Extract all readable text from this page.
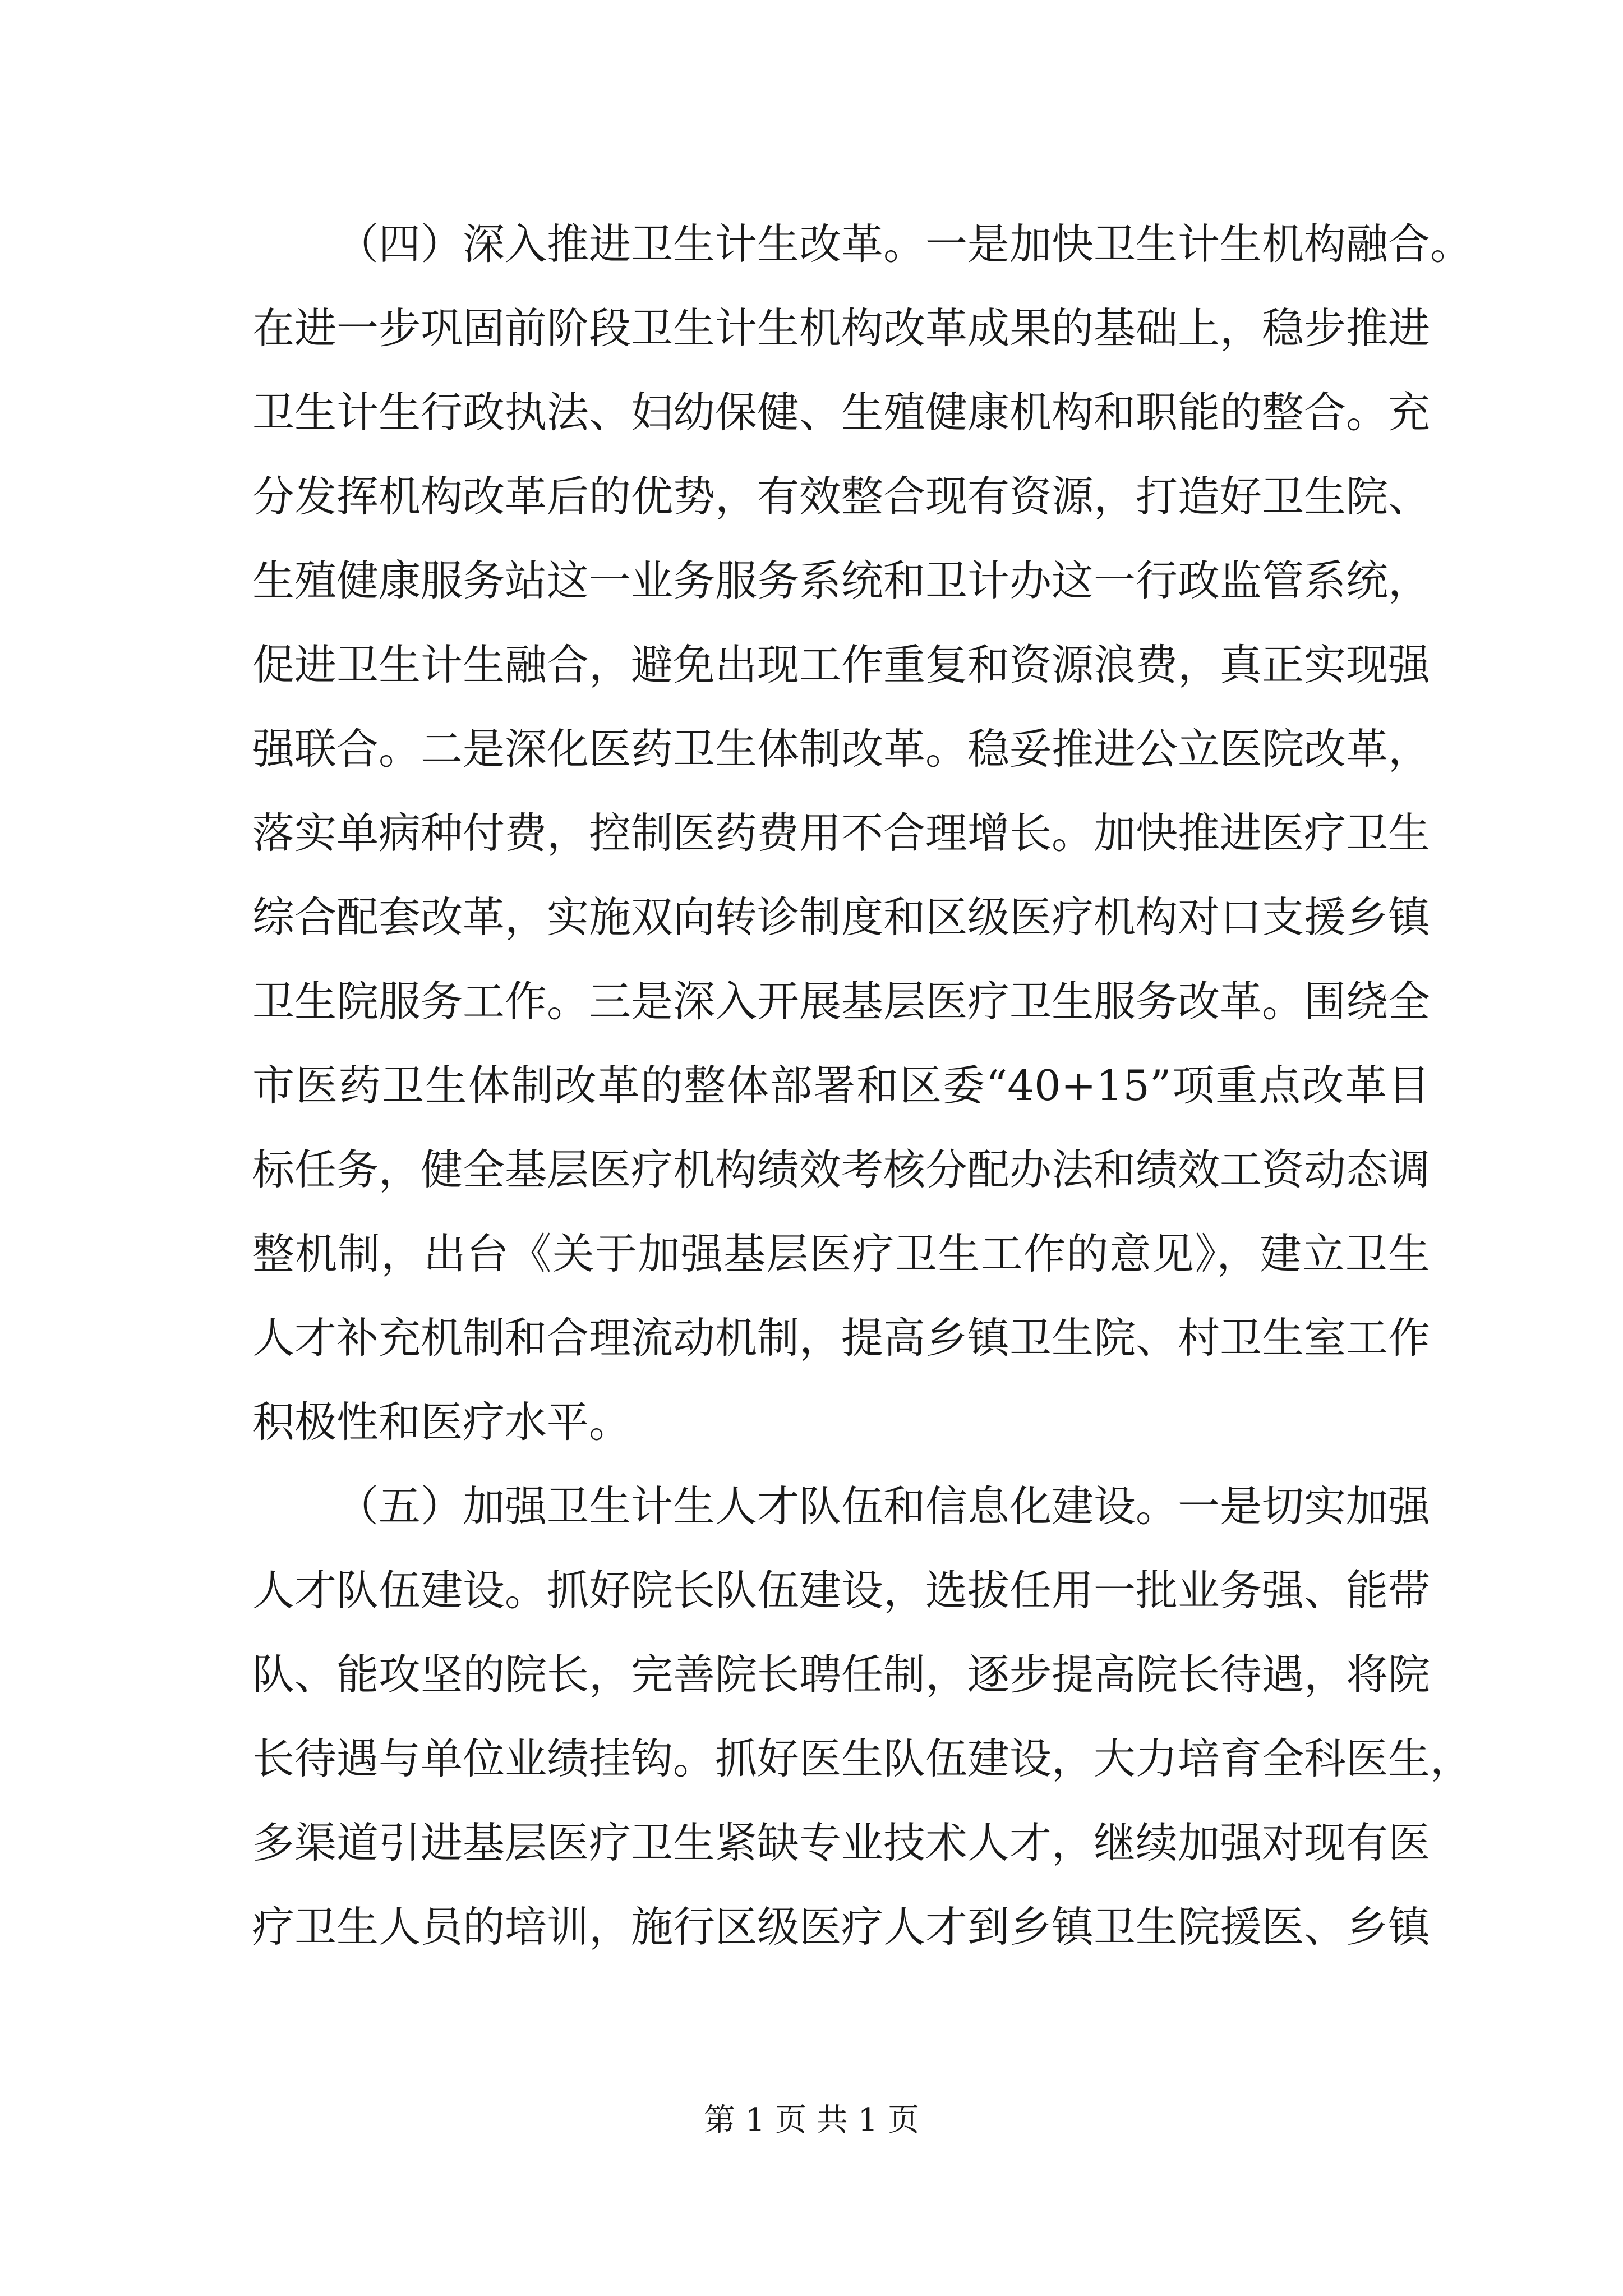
（四）深入推进卫生计生改革。一是加快卫生计生机构融合。
在进一步巩固前阶段卫生计生机构改革成果的基础上，稳步推进
卫生计生行政执法、妇幼保健、生殖健康机构和职能的整合。充
分发挥机构改革后的优势，有效整合现有资源，打造好卫生院、
生殖健康服务站这一业务服务系统和卫计办这一行政监管系统，
促进卫生计生融合，避免出现工作重复和资源浪费，真正实现强
强联合。二是深化医药卫生体制改革。稳妥推进公立医院改革，
落实单病种付费，控制医药费用不合理增长。加快推进医疗卫生
综合配套改革，实施双向转诊制度和区级医疗机构对口支援乡镇
卫生院服务工作。三是深入开展基层医疗卫生服务改革。围绕全
市医药卫生体制改革的整体部署和区委“40+15”项重点改革目
标任务，健全基层医疗机构绩效考核分配办法和绩效工资动态调
整机制，出台《关于加强基层医疗卫生工作的意见》，建立卫生
人才补充机制和合理流动机制，提高乡镇卫生院、村卫生室工作
积极性和医疗水平。
（五）加强卫生计生人才队伍和信息化建设。一是切实加强
人才队伍建设。抓好院长队伍建设，选拔任用一批业务强、能带
队、能攻坚的院长，完善院长聘任制，逐步提高院长待遇，将院
长待遇与单位业绩挂钩。抓好医生队伍建设，大力培育全科医生，
多渠道引进基层医疗卫生紧缺专业技术人才，继续加强对现有医
疗卫生人员的培训，施行区级医疗人才到乡镇卫生院援医、乡镇
第 1 页 共 1 页
